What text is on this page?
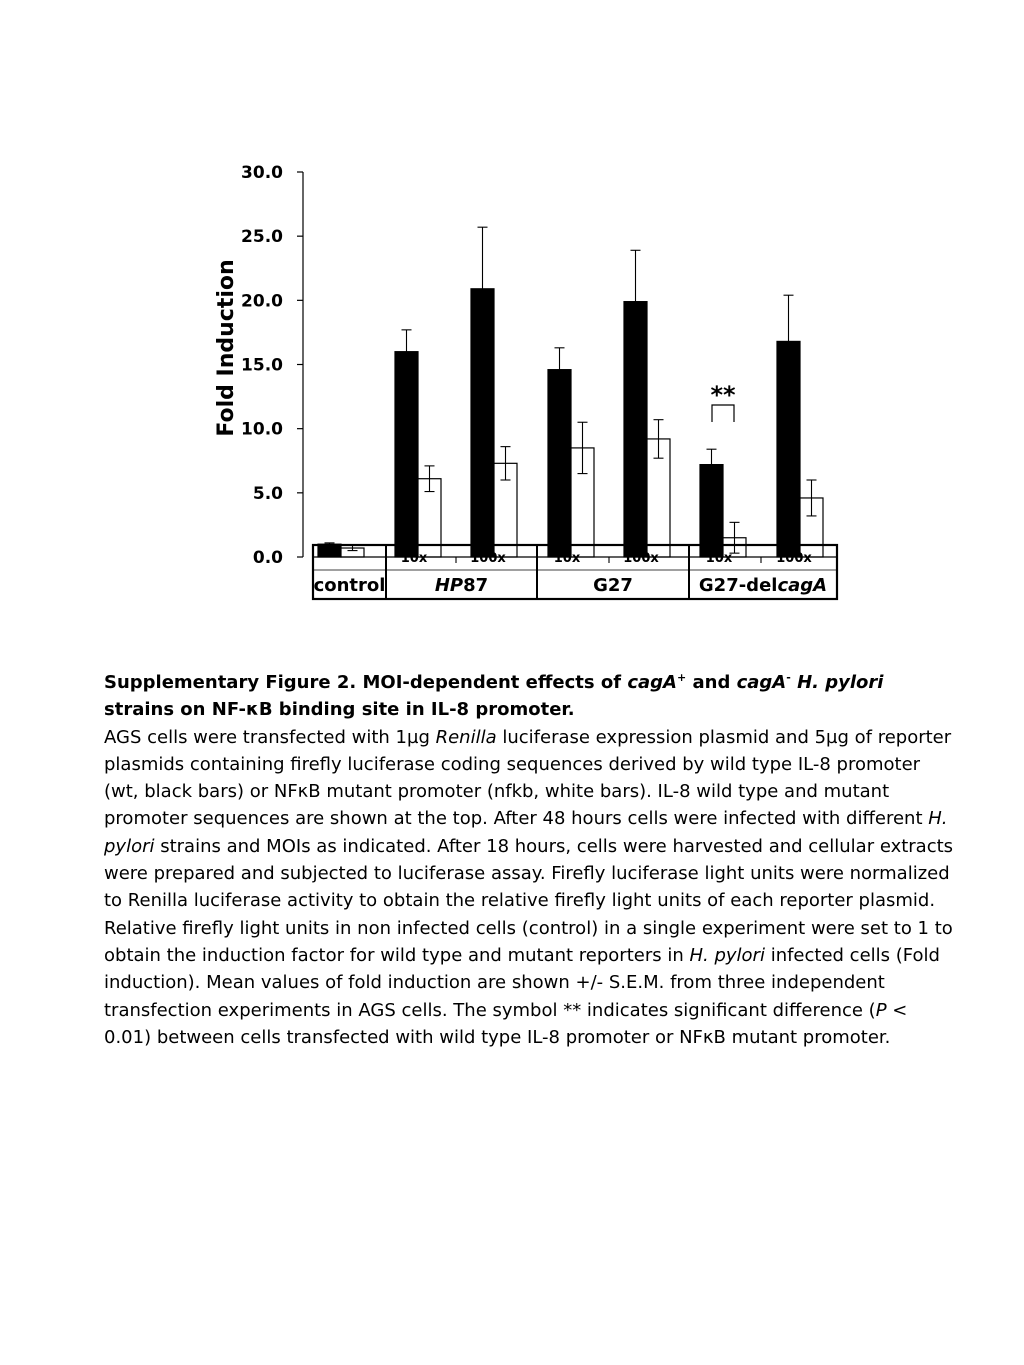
0.0
5.0
10.0
15.0
20.0
25.0
30.0
**
10x	100x	10x	100x	10x	100x
control	HP87	G27	G27-delcagA
Fold Induction

Supplementary Figure 2. MOI-dependent effects of cagA+ and cagA- H. pylori strains on NF-κB binding site in IL-8 promoter.

AGS cells were transfected with 1µg Renilla luciferase expression plasmid and 5µg of reporter plasmids containing firefly luciferase coding sequences derived by wild type IL-8 promoter (wt, black bars) or NFκB mutant promoter (nfkb, white bars). IL-8 wild type and mutant promoter sequences are shown at the top. After 48 hours cells were infected with different H. pylori strains and MOIs as indicated. After 18 hours, cells were harvested and cellular extracts were prepared and subjected to luciferase assay. Firefly luciferase light units were normalized to Renilla luciferase activity to obtain the relative firefly light units of each reporter plasmid. Relative firefly light units in non infected cells (control) in a single experiment were set to 1 to obtain the induction factor for wild type and mutant reporters in H. pylori infected cells (Fold induction). Mean values of fold induction are shown +/- S.E.M. from three independent transfection experiments in AGS cells. The symbol ** indicates significant difference (P < 0.01) between cells transfected with wild type IL-8 promoter or NFκB mutant promoter.
